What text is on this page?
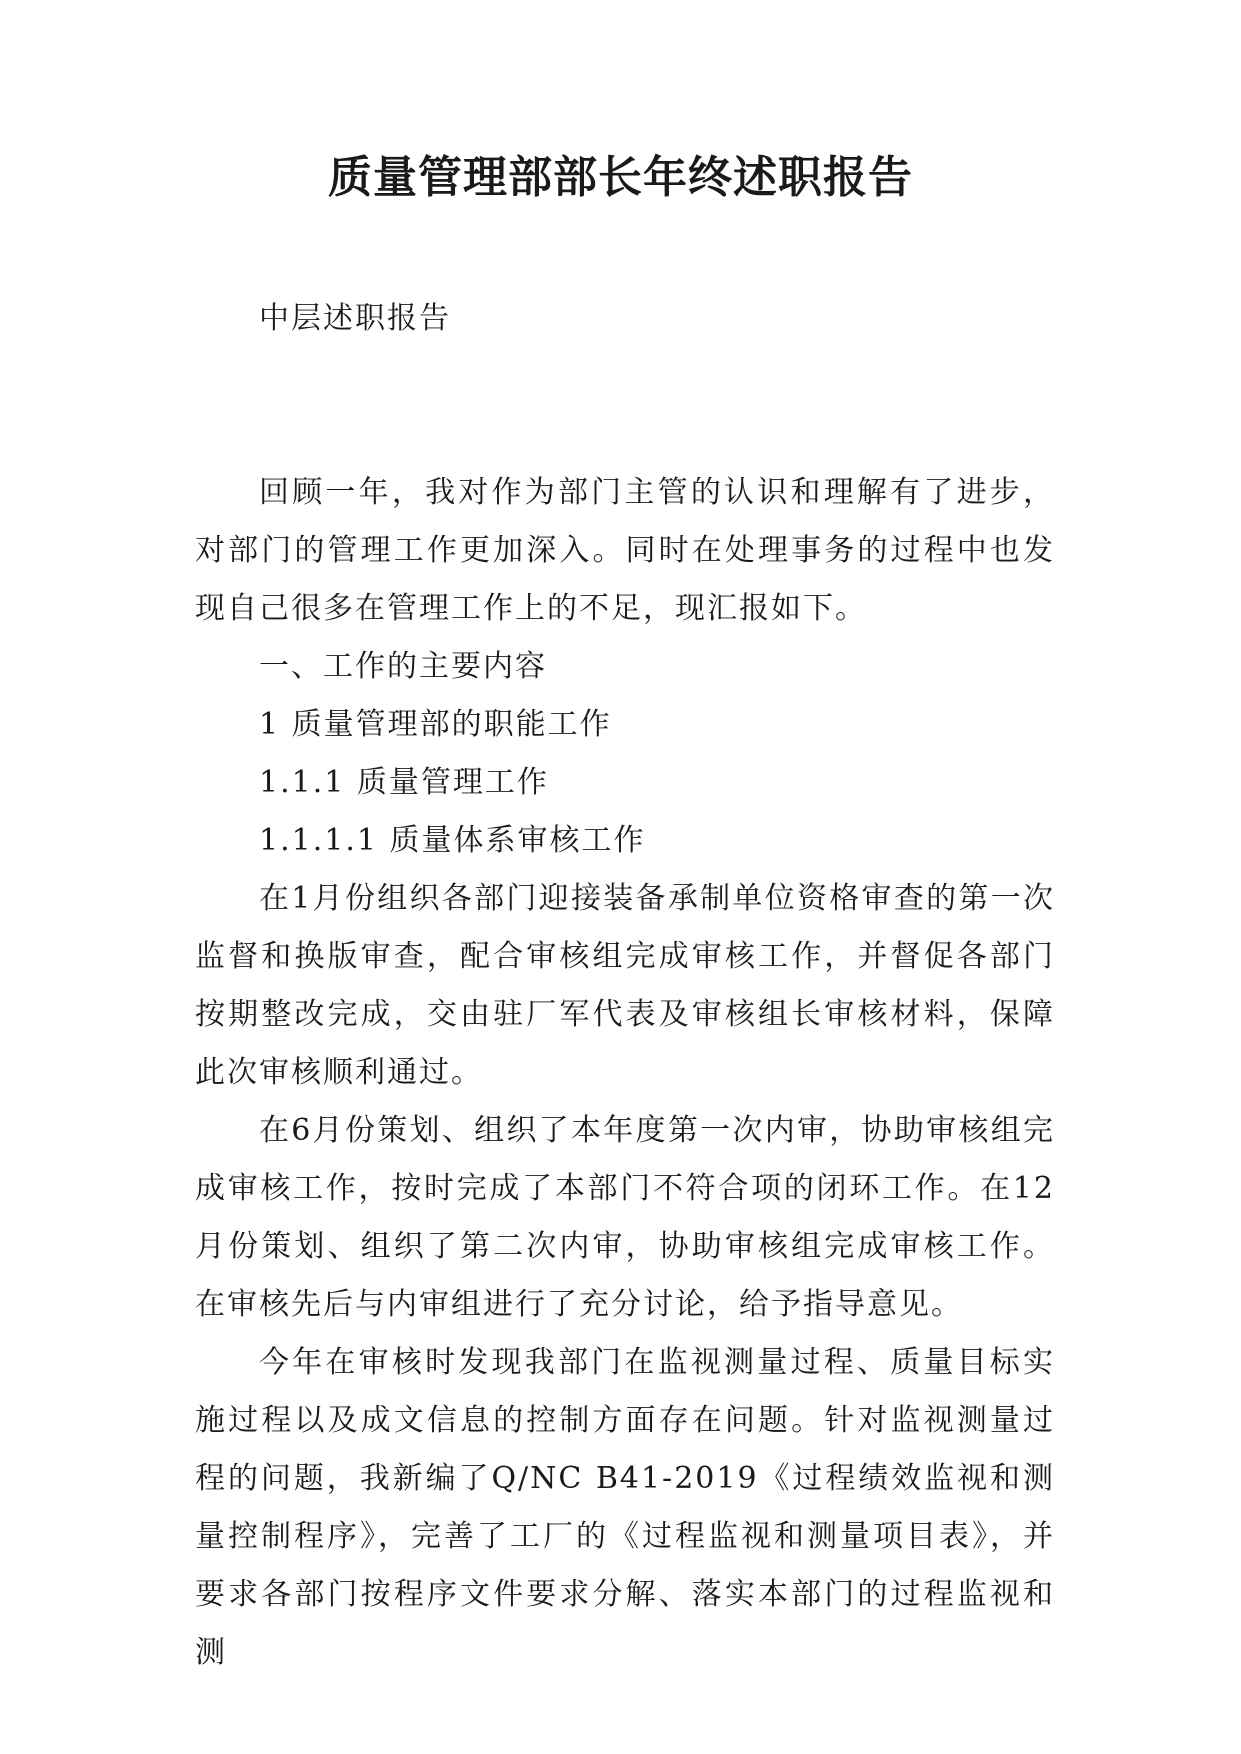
质量管理部部长年终述职报告

中层述职报告

回顾一年，我对作为部门主管的认识和理解有了进步，对部门的管理工作更加深入。同时在处理事务的过程中也发现自己很多在管理工作上的不足，现汇报如下。

一、工作的主要内容

1 质量管理部的职能工作

1.1.1 质量管理工作

1.1.1.1 质量体系审核工作

在1月份组织各部门迎接装备承制单位资格审查的第一次监督和换版审查，配合审核组完成审核工作，并督促各部门按期整改完成，交由驻厂军代表及审核组长审核材料，保障此次审核顺利通过。

在6月份策划、组织了本年度第一次内审，协助审核组完成审核工作，按时完成了本部门不符合项的闭环工作。在12月份策划、组织了第二次内审，协助审核组完成审核工作。在审核先后与内审组进行了充分讨论，给予指导意见。

今年在审核时发现我部门在监视测量过程、质量目标实施过程以及成文信息的控制方面存在问题。针对监视测量过程的问题，我新编了Q/NC B41-2019《过程绩效监视和测量控制程序》，完善了工厂的《过程监视和测量项目表》，并要求各部门按程序文件要求分解、落实本部门的过程监视和测
